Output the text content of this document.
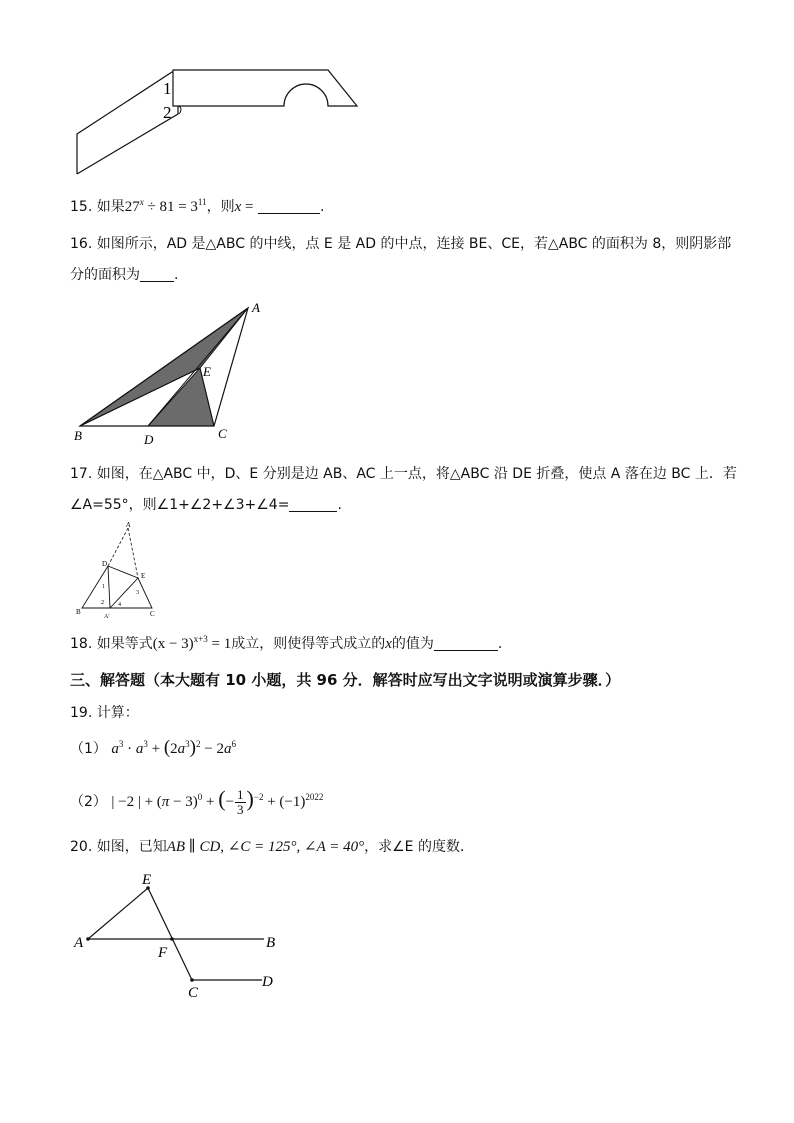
1
2
15. 如果$27^x \div 81 = 3^{11}$，则x =	.
16. 如图所示，AD 是△ABC 的中线，点 E 是 AD 的中点，连接 BE、CE，若△ABC 的面积为 8，则阴影部
分的面积为 .
A
E
B	D	C
17. 如图，在△ABC 中，D、E 分别是边 AB、AC 上一点，将△ABC 沿 DE 折叠，使点 A 落在边 BC 上．若
∠A=55°，则∠1+∠2+∠3+∠4=	.
A
D
E
B	C
A'
1
2
3
4
18. 如果等式$(x - 3)^{x+3} = 1$成立，则使得等式成立的x的值为	.
三、解答题（本大题有 10 小题，共 96 分．解答时应写出文字说明或演算步骤．）
19. 计算：
（1） $a^3 \cdot a^3 + (2a^3)^2 - 2a^6$
（2） | −2 | + $(\pi - 3)^0$ + (− $\frac{1}{3} )^{-2} + (-1)^{2022}$
20. 如图，已知AB ∥ CD, ∠C = 125°, ∠A = 40°，求∠E 的度数．
E
A	B
F
C
D
